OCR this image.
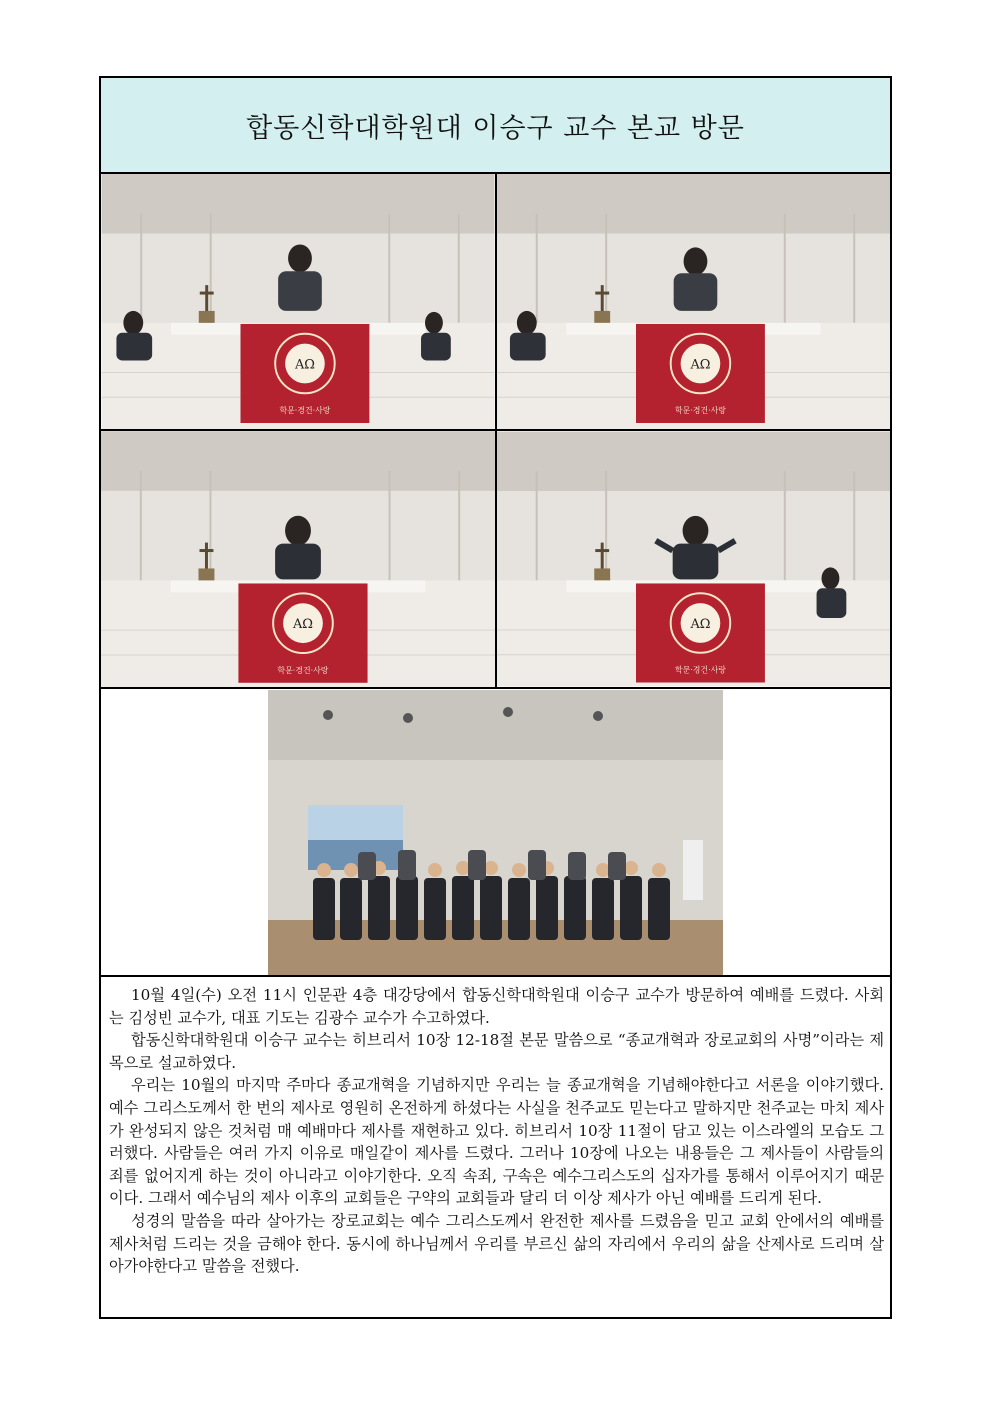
합동신학대학원대 이승구 교수 본교 방문

10월 4일(수) 오전 11시 인문관 4층 대강당에서 합동신학대학원대 이승구 교수가 방문하여 예배를 드렸다. 사회는 김성빈 교수가, 대표 기도는 김광수 교수가 수고하였다.

합동신학대학원대 이승구 교수는 히브리서 10장 12-18절 본문 말씀으로 “종교개혁과 장로교회의 사명”이라는 제목으로 설교하였다.

우리는 10월의 마지막 주마다 종교개혁을 기념하지만 우리는 늘 종교개혁을 기념해야한다고 서론을 이야기했다. 예수 그리스도께서 한 번의 제사로 영원히 온전하게 하셨다는 사실을 천주교도 믿는다고 말하지만 천주교는 마치 제사가 완성되지 않은 것처럼 매 예배마다 제사를 재현하고 있다. 히브리서 10장 11절이 담고 있는 이스라엘의 모습도 그러했다. 사람들은 여러 가지 이유로 매일같이 제사를 드렸다. 그러나 10장에 나오는 내용들은 그 제사들이 사람들의 죄를 없어지게 하는 것이 아니라고 이야기한다. 오직 속죄, 구속은 예수그리스도의 십자가를 통해서 이루어지기 때문이다. 그래서 예수님의 제사 이후의 교회들은 구약의 교회들과 달리 더 이상 제사가 아닌 예배를 드리게 된다.

성경의 말씀을 따라 살아가는 장로교회는 예수 그리스도께서 완전한 제사를 드렸음을 믿고 교회 안에서의 예배를 제사처럼 드리는 것을 금해야 한다. 동시에 하나님께서 우리를 부르신 삶의 자리에서 우리의 삶을 산제사로 드리며 살아가야한다고 말씀을 전했다.
